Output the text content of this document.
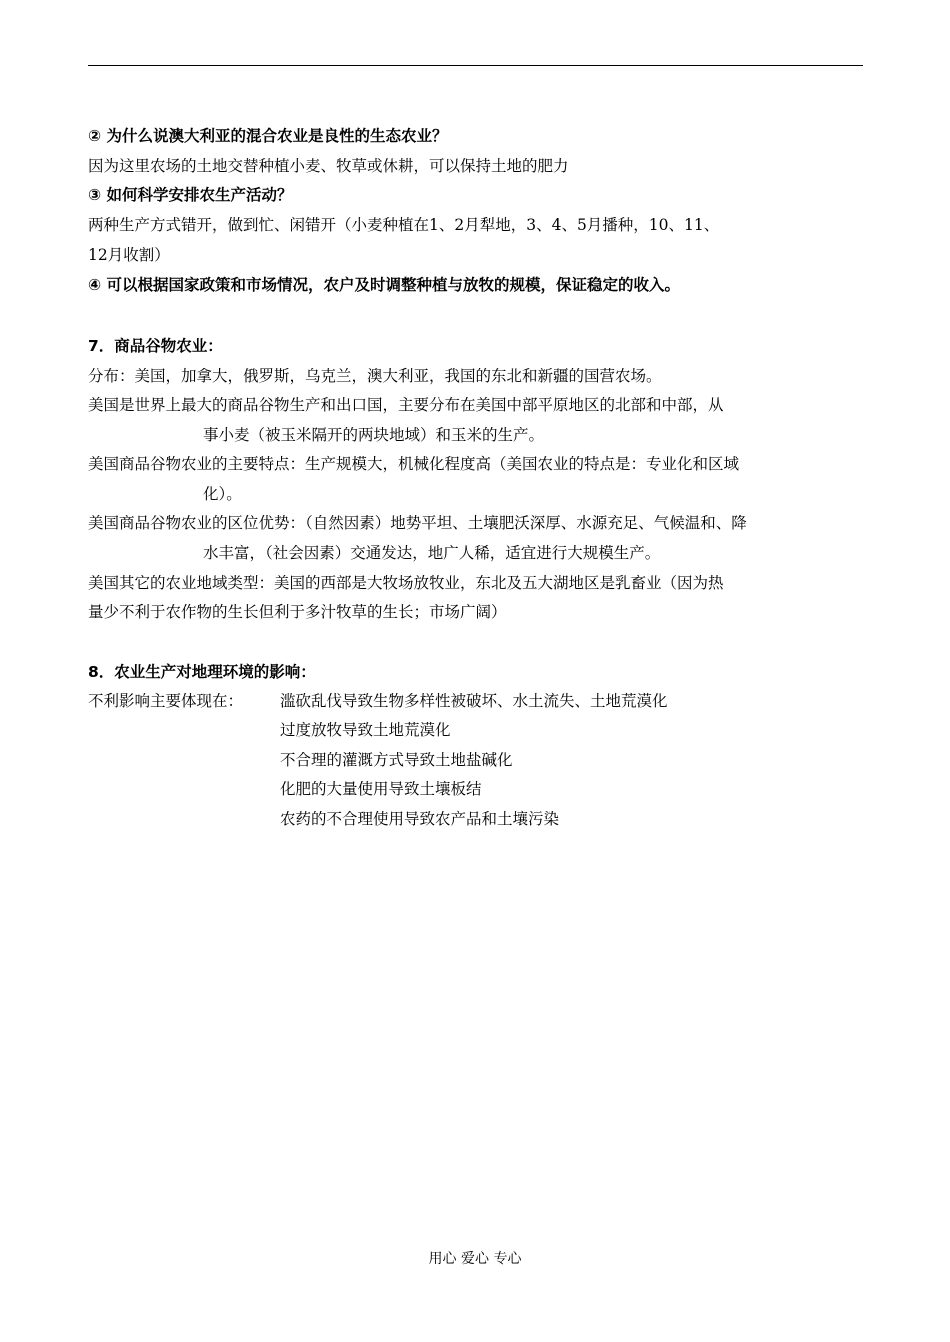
② 为什么说澳大利亚的混合农业是良性的生态农业？
因为这里农场的土地交替种植小麦、牧草或休耕，可以保持土地的肥力
③ 如何科学安排农生产活动？
两种生产方式错开，做到忙、闲错开（小麦种植在1、2月犁地，3、4、5月播种，10、11、
12月收割）
④ 可以根据国家政策和市场情况，农户及时调整种植与放牧的规模，保证稳定的收入。
7．商品谷物农业：
分布：美国，加拿大，俄罗斯，乌克兰，澳大利亚，我国的东北和新疆的国营农场。
美国是世界上最大的商品谷物生产和出口国，主要分布在美国中部平原地区的北部和中部，从
事小麦（被玉米隔开的两块地域）和玉米的生产。
美国商品谷物农业的主要特点：生产规模大，机械化程度高（美国农业的特点是：专业化和区域
化）。
美国商品谷物农业的区位优势：（自然因素）地势平坦、土壤肥沃深厚、水源充足、气候温和、降
水丰富，（社会因素）交通发达，地广人稀，适宜进行大规模生产。
美国其它的农业地域类型：美国的西部是大牧场放牧业，东北及五大湖地区是乳畜业（因为热
量少不利于农作物的生长但利于多汁牧草的生长；市场广阔）
8．农业生产对地理环境的影响：
不利影响主要体现在：	滥砍乱伐导致生物多样性被破坏、水土流失、土地荒漠化
过度放牧导致土地荒漠化
不合理的灌溉方式导致土地盐碱化
化肥的大量使用导致土壤板结
农药的不合理使用导致农产品和土壤污染
用心 爱心 专心
